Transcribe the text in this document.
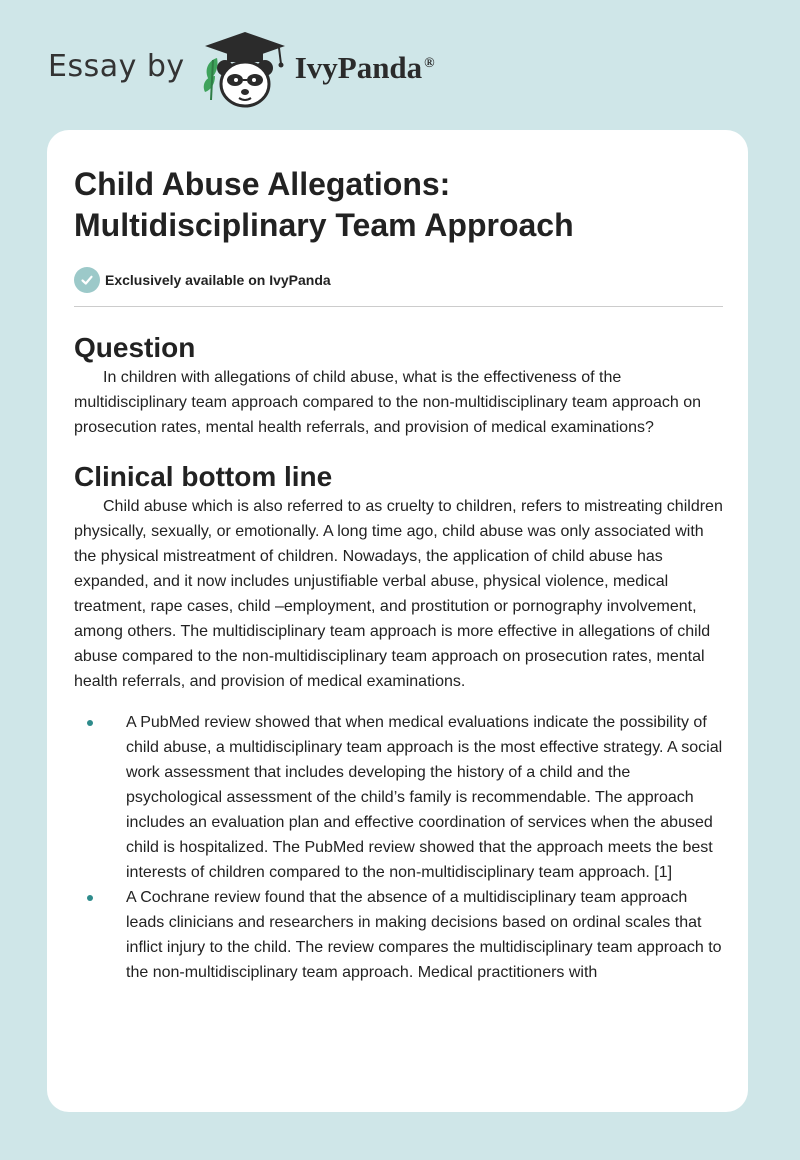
Essay by	IvyPanda ®
Child Abuse Allegations:
Multidisciplinary Team Approach
Exclusively available on IvyPanda
Question

In children with allegations of child abuse, what is the effectiveness of the multidisciplinary team approach compared to the non-multidisciplinary team approach on prosecution rates, mental health referrals, and provision of medical examinations?

Clinical bottom line

Child abuse which is also referred to as cruelty to children, refers to mistreating children physically, sexually, or emotionally. A long time ago, child abuse was only associated with the physical mistreatment of children. Nowadays, the application of child abuse has expanded, and it now includes unjustifiable verbal abuse, physical violence, medical treatment, rape cases, child –employment, and prostitution or pornography involvement, among others. The multidisciplinary team approach is more effective in allegations of child abuse compared to the non-multidisciplinary team approach on prosecution rates, mental health referrals, and provision of medical examinations.

A PubMed review showed that when medical evaluations indicate the possibility of child abuse, a multidisciplinary team approach is the most effective strategy. A social work assessment that includes developing the history of a child and the psychological assessment of the child’s family is recommendable. The approach includes an evaluation plan and effective coordination of services when the abused child is hospitalized. The PubMed review showed that the approach meets the best interests of children compared to the non-multidisciplinary team approach. [1]
A Cochrane review found that the absence of a multidisciplinary team approach leads clinicians and researchers in making decisions based on ordinal scales that inflict injury to the child. The review compares the multidisciplinary team approach to the non-multidisciplinary team approach. Medical practitioners with
